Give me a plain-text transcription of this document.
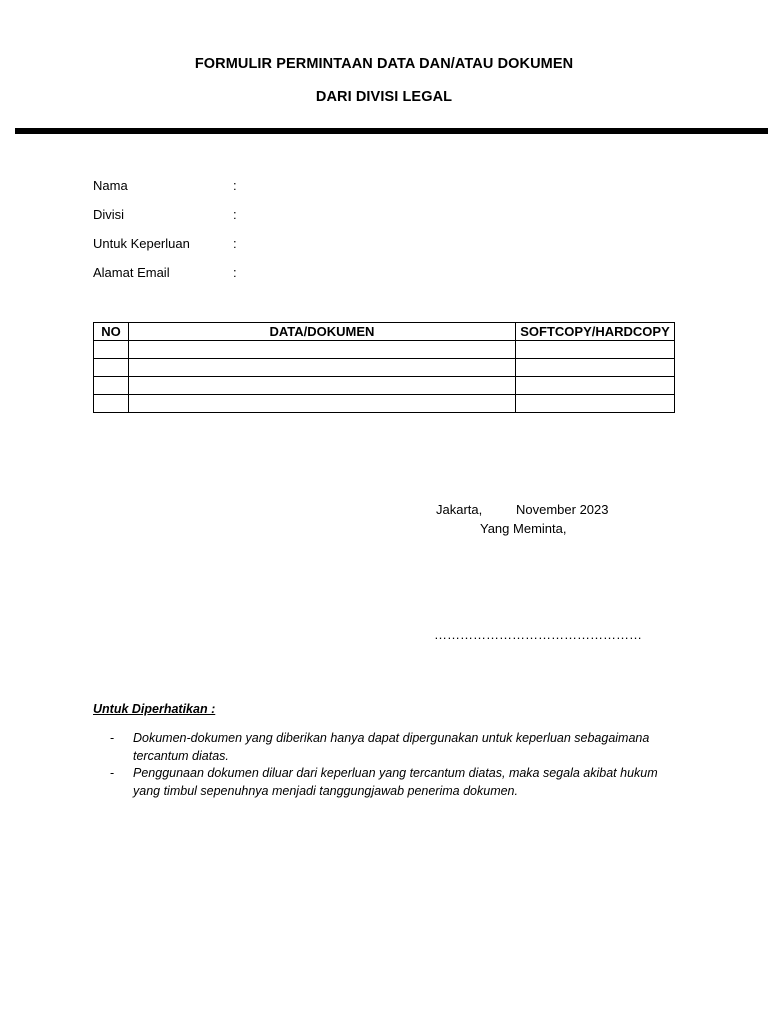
FORMULIR PERMINTAAN DATA DAN/ATAU DOKUMEN
DARI DIVISI LEGAL
Nama	:
Divisi	:
Untuk Keperluan	:
Alamat Email	:
NO	DATA/DOKUMEN	SOFTCOPY/HARDCOPY

Jakarta,	November 2023
Yang Meminta,
…………………………………………
Untuk Diperhatikan :
- Dokumen-dokumen yang diberikan hanya dapat dipergunakan untuk keperluan sebagaimana tercantum diatas.
- Penggunaan dokumen diluar dari keperluan yang tercantum diatas, maka segala akibat hukum yang timbul sepenuhnya menjadi tanggungjawab penerima dokumen.
